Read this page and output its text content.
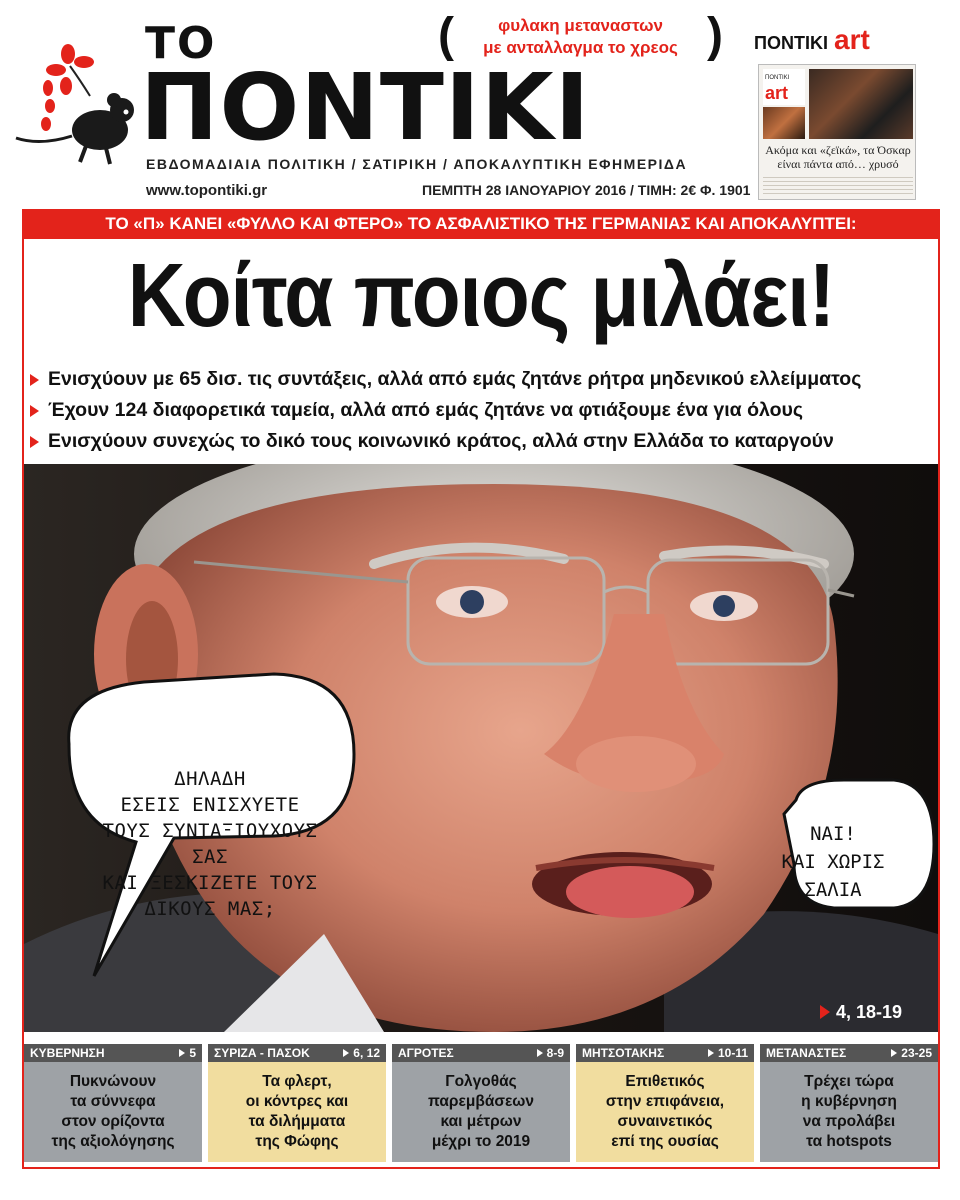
ΤΟ
ΠΟΝΤΙΚΙ
ΕΒΔΟΜΑΔΙΑΙΑ ΠΟΛΙΤΙΚΗ / ΣΑΤΙΡΙΚΗ / ΑΠΟΚΑΛΥΠΤΙΚΗ ΕΦΗΜΕΡΙΔΑ
www.topontiki.gr	ΠΕΜΠΤΗ 28 ΙΑΝΟΥΑΡΙΟΥ 2016 / ΤΙΜΗ: 2€ Φ. 1901
(	φυλακη μεταναστων
με ανταλλαγμα το χρεος ) ΠΟΝΤΙΚΙ art
ΠΟΝΤΙΚΙ
art
Ακόμα και «ζεϊκά», τα Όσκαρ είναι πάντα από… χρυσό
ΤΟ «Π» ΚΑΝΕΙ «ΦΥΛΛΟ ΚΑΙ ΦΤΕΡΟ» ΤΟ ΑΣΦΑΛΙΣΤΙΚΟ ΤΗΣ ΓΕΡΜΑΝΙΑΣ ΚΑΙ ΑΠΟΚΑΛΥΠΤΕΙ:
Κοίτα ποιος μιλάει!
Ενισχύουν με 65 δισ. τις συντάξεις, αλλά από εμάς ζητάνε ρήτρα μηδενικού ελλείμματος
Έχουν 124 διαφορετικά ταμεία, αλλά από εμάς ζητάνε να φτιάξουμε ένα για όλους
Ενισχύουν συνεχώς το δικό τους κοινωνικό κράτος, αλλά στην Ελλάδα το καταργούν
ΔΗΛΑΔΗ
ΕΣΕΙΣ ΕΝΙΣΧΥΕΤΕ
ΤΟΥΣ ΣΥΝΤΑΞΙΟΥΧΟΥΣ ΣΑΣ
ΚΑΙ ΞΕΣΚΙΖΕΤΕ ΤΟΥΣ
ΔΙΚΟΥΣ ΜΑΣ;
ΝΑΙ!
ΚΑΙ ΧΩΡΙΣ
ΣΑΛΙΑ
4, 18-19
ΚΥΒΕΡΝΗΣΗ	5
Πυκνώνουν
τα σύννεφα
στον ορίζοντα
της αξιολόγησης
ΣΥΡΙΖΑ - ΠΑΣΟΚ	6, 12
Τα φλερτ,
οι κόντρες και
τα διλήμματα
της Φώφης
ΑΓΡΟΤΕΣ	8-9
Γολγοθάς
παρεμβάσεων
και μέτρων
μέχρι το 2019
ΜΗΤΣΟΤΑΚΗΣ	10-11
Επιθετικός
στην επιφάνεια,
συναινετικός
επί της ουσίας
ΜΕΤΑΝΑΣΤΕΣ	23-25
Τρέχει τώρα
η κυβέρνηση
να προλάβει
τα hotspots
